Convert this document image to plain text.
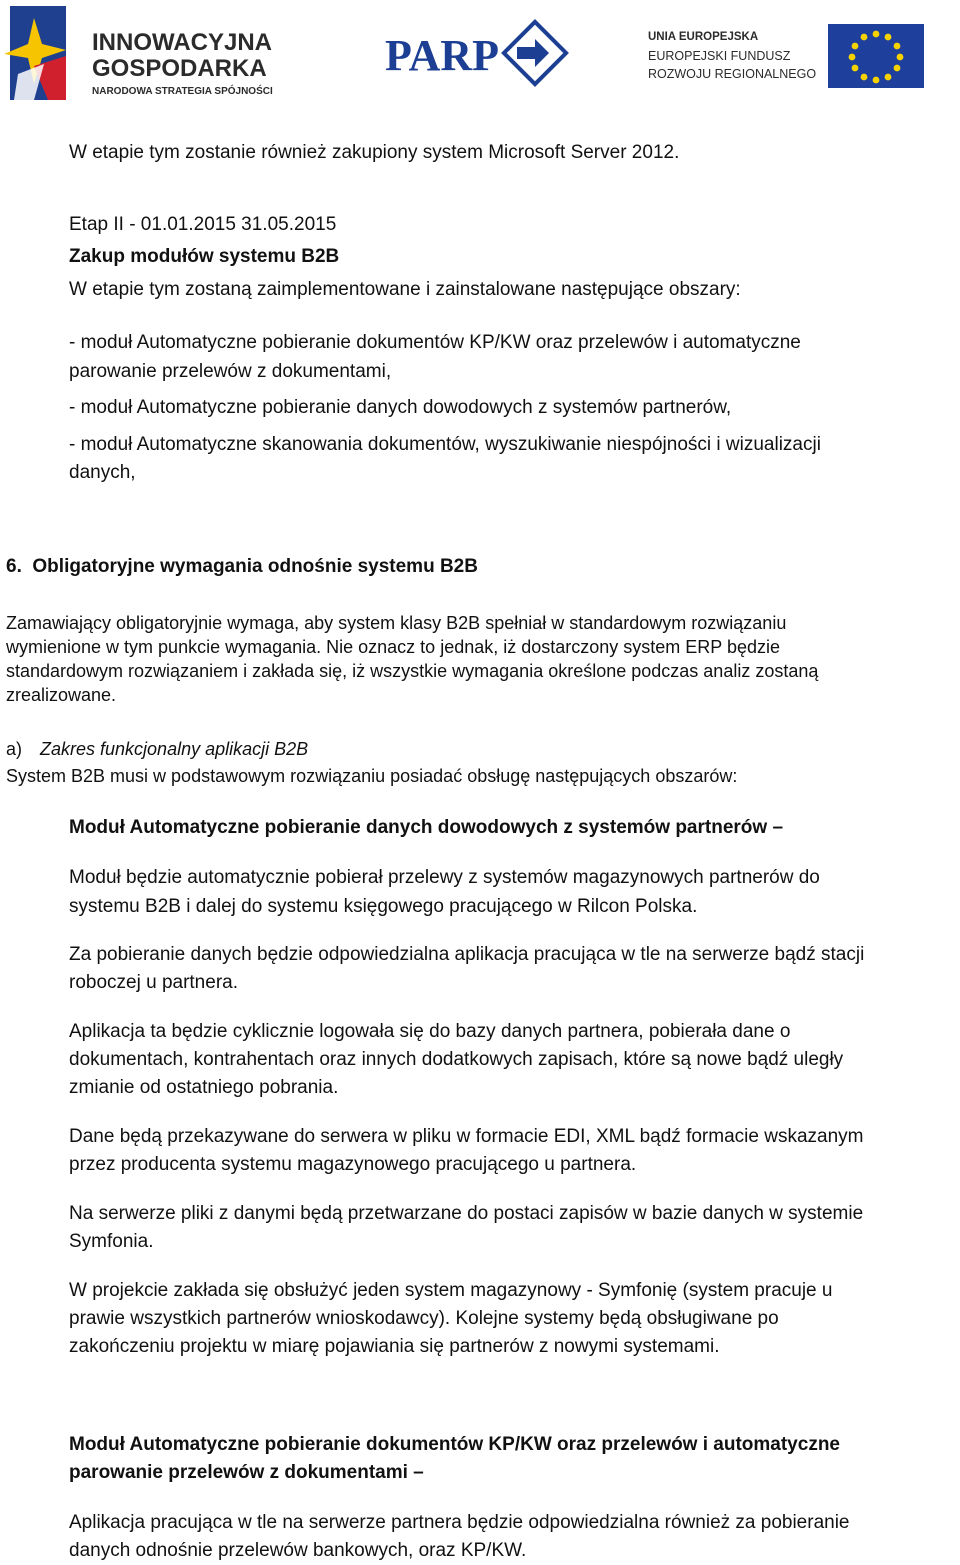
INNOWACYJNA
GOSPODARKA
NARODOWA STRATEGIA SPÓJNOŚCI
PARP	UNIA EUROPEJSKA
EUROPEJSKI FUNDUSZ
ROZWOJU REGIONALNEGO

W etapie tym zostanie również zakupiony system Microsoft Server 2012.

Etap II - 01.01.2015 31.05.2015

Zakup modułów systemu B2B

W etapie tym zostaną zaimplementowane i zainstalowane następujące obszary:

- moduł Automatyczne pobieranie dokumentów KP/KW oraz przelewów i automatyczne

parowanie przelewów z dokumentami,

- moduł Automatyczne pobieranie danych dowodowych z systemów partnerów,

- moduł Automatyczne skanowania dokumentów, wyszukiwanie niespójności i wizualizacji

danych,

6.  Obligatoryjne wymagania odnośnie systemu B2B

Zamawiający obligatoryjnie wymaga, aby system klasy B2B spełniał w standardowym rozwiązaniu

wymienione w tym punkcie wymagania. Nie oznacz to jednak, iż dostarczony system ERP będzie

standardowym rozwiązaniem i zakłada się, iż wszystkie wymagania określone podczas analiz zostaną

zrealizowane.

a) Zakres funkcjonalny aplikacji B2B

System B2B musi w podstawowym rozwiązaniu posiadać obsługę następujących obszarów:

Moduł Automatyczne pobieranie danych dowodowych z systemów partnerów –

Moduł będzie automatycznie pobierał przelewy z systemów magazynowych partnerów do

systemu B2B i dalej do systemu księgowego pracującego w Rilcon Polska.

Za pobieranie danych będzie odpowiedzialna aplikacja pracująca w tle na serwerze bądź stacji

roboczej u partnera.

Aplikacja ta będzie cyklicznie logowała się do bazy danych partnera, pobierała dane o

dokumentach, kontrahentach oraz innych dodatkowych zapisach, które są nowe bądź uległy

zmianie od ostatniego pobrania.

Dane będą przekazywane do serwera w pliku w formacie EDI, XML bądź formacie wskazanym

przez producenta systemu magazynowego pracującego u partnera.

Na serwerze pliki z danymi będą przetwarzane do postaci zapisów w bazie danych w systemie

Symfonia.

W projekcie zakłada się obsłużyć jeden system magazynowy - Symfonię (system pracuje u

prawie wszystkich partnerów wnioskodawcy). Kolejne systemy będą obsługiwane po

zakończeniu projektu w miarę pojawiania się partnerów z nowymi systemami.

Moduł Automatyczne pobieranie dokumentów KP/KW oraz przelewów i automatyczne

parowanie przelewów z dokumentami –

Aplikacja pracująca w tle na serwerze partnera będzie odpowiedzialna również za pobieranie

danych odnośnie przelewów bankowych, oraz KP/KW.
